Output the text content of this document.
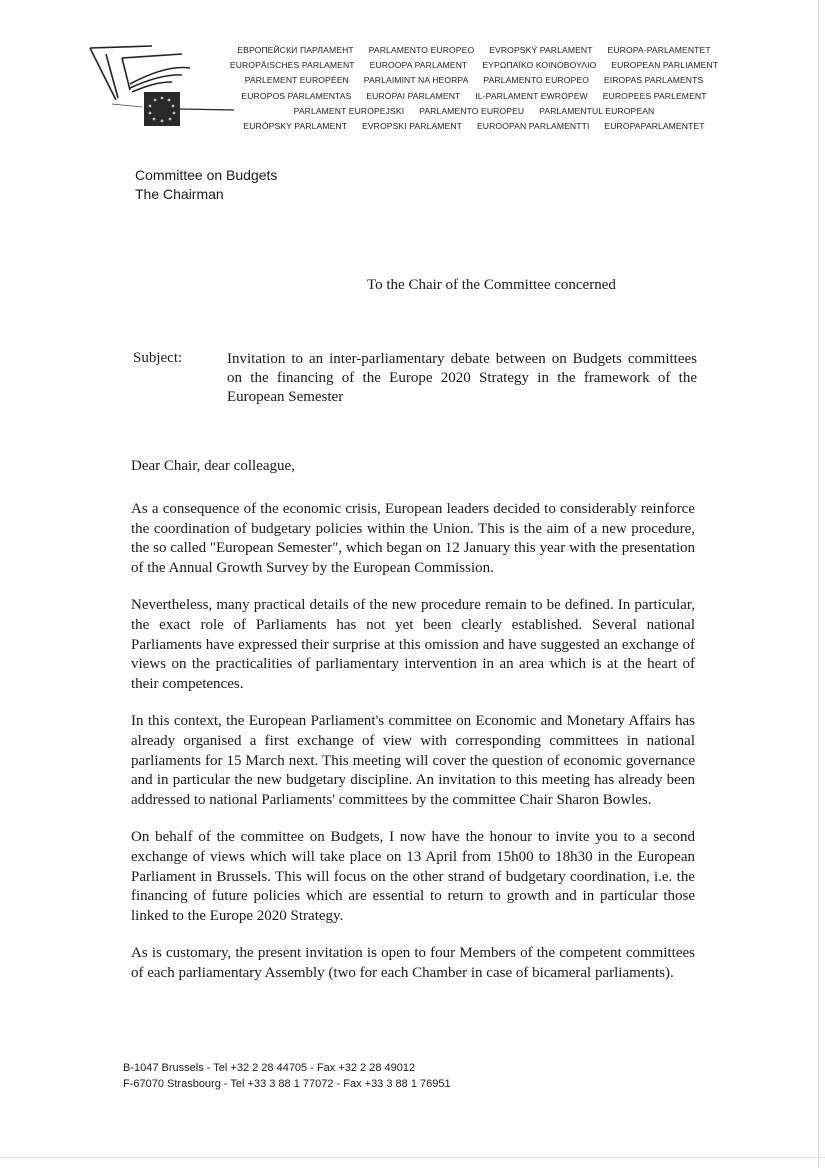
ЕВРОПЕЙСКИ ПАРЛАМЕНТ PARLAMENTO EUROPEO EVROPSKÝ PARLAMENT EUROPA-PARLAMENTET
EUROPÄISCHES PARLAMENT EUROOPA PARLAMENT ΕΥΡΩΠΑΪΚΟ ΚΟΙΝΟΒΟΥΛΙΟ EUROPEAN PARLIAMENT
PARLEMENT EUROPÉEN PARLAIMINT NA HEORPA PARLAMENTO EUROPEO EIROPAS PARLAMENTS
EUROPOS PARLAMENTAS EURÓPAI PARLAMENT IL-PARLAMENT EWROPEW EUROPEES PARLEMENT
PARLAMENT EUROPEJSKI PARLAMENTO EUROPEU PARLAMENTUL EUROPEAN
EURÓPSKY PARLAMENT EVROPSKI PARLAMENT EUROOPAN PARLAMENTTI EUROPAPARLAMENTET
Committee on Budgets
The Chairman
To the Chair of the Committee concerned
Subject:	Invitation to an inter-parliamentary debate between on Budgets committees on the financing of the Europe 2020 Strategy in the framework of the European Semester
Dear Chair, dear colleague,

As a consequence of the economic crisis, European leaders decided to considerably reinforce the coordination of budgetary policies within the Union. This is the aim of a new procedure, the so called "European Semester", which began on 12 January this year with the presentation of the Annual Growth Survey by the European Commission.

Nevertheless, many practical details of the new procedure remain to be defined. In particular, the exact role of Parliaments has not yet been clearly established. Several national Parliaments have expressed their surprise at this omission and have suggested an exchange of views on the practicalities of parliamentary intervention in an area which is at the heart of their competences.

In this context, the European Parliament's committee on Economic and Monetary Affairs has already organised a first exchange of view with corresponding committees in national parliaments for 15 March next. This meeting will cover the question of economic governance and in particular the new budgetary discipline. An invitation to this meeting has already been addressed to national Parliaments' committees by the committee Chair Sharon Bowles.

On behalf of the committee on Budgets, I now have the honour to invite you to a second exchange of views which will take place on 13 April from 15h00 to 18h30 in the European Parliament in Brussels. This will focus on the other strand of budgetary coordination, i.e. the financing of future policies which are essential to return to growth and in particular those linked to the Europe 2020 Strategy.

As is customary, the present invitation is open to four Members of the competent committees of each parliamentary Assembly (two for each Chamber in case of bicameral parliaments).

B-1047 Brussels - Tel +32 2 28 44705 - Fax +32 2 28 49012
F-67070 Strasbourg - Tel +33 3 88 1 77072 - Fax +33 3 88 1 76951
